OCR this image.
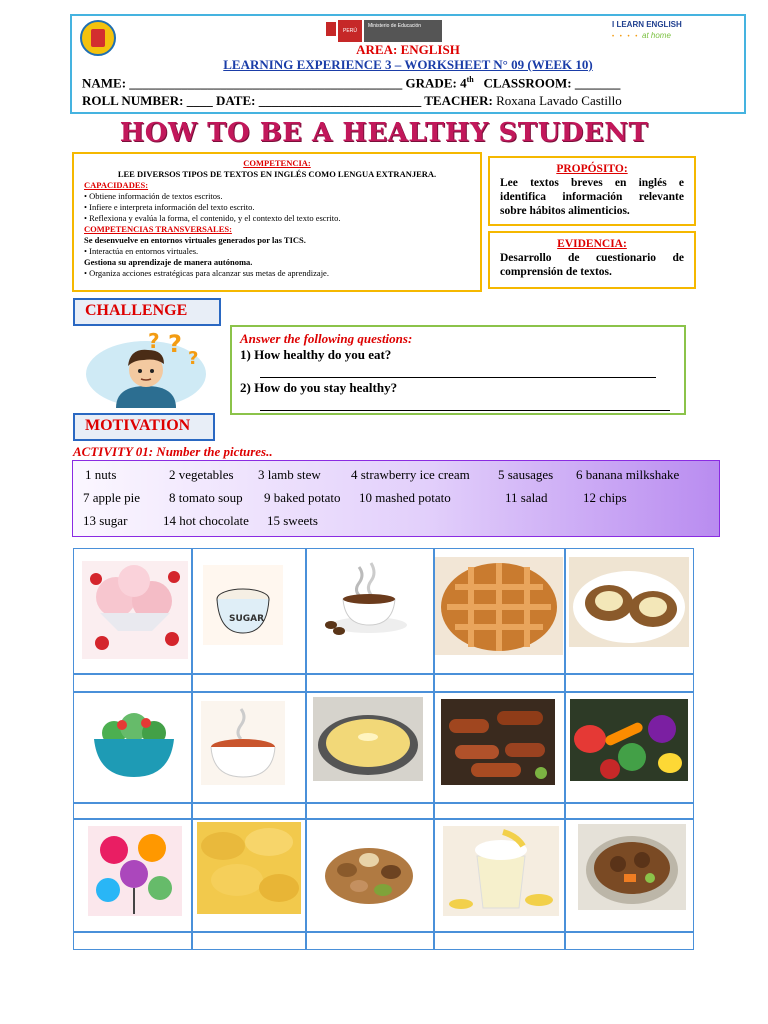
PERÚ
Ministerio de Educación	I LEARN ENGLISH
• • • • at home
AREA: ENGLISH
LEARNING EXPERIENCE 3 – WORKSHEET N° 09 (WEEK 10)
NAME: __________________________________________ GRADE: 4th CLASSROOM: _______
ROLL NUMBER: ____ DATE: _________________________ TEACHER: Roxana Lavado Castillo
HOW TO BE A HEALTHY STUDENT
COMPETENCIA:
LEE DIVERSOS TIPOS DE TEXTOS EN INGLÉS COMO LENGUA EXTRANJERA.
CAPACIDADES:
• Obtiene información de textos escritos.
• Infiere e interpreta información del texto escrito.
• Reflexiona y evalúa la forma, el contenido, y el contexto del texto escrito.
COMPETENCIAS TRANSVERSALES:
Se desenvuelve en entornos virtuales generados por las TICS.
• Interactúa en entornos virtuales.
Gestiona su aprendizaje de manera autónoma.
• Organiza acciones estratégicas para alcanzar sus metas de aprendizaje.
PROPÓSITO:
Lee textos breves en inglés e identifica información relevante sobre hábitos alimenticios.
EVIDENCIA:
Desarrollo de cuestionario de comprensión de textos.
CHALLENGE
? ?
?
Answer the following questions:
1) How healthy do you eat?
2) How do you stay healthy?
MOTIVATION
ACTIVITY 01: Number the pictures..
1 nuts	2 vegetables 3 lamb stew 4 strawberry ice cream 5 sausages 6 banana milkshake
7 apple pie 8 tomato soup 9 baked potato 10 mashed potato	11 salad	12 chips
13 sugar	14 hot chocolate 15 sweets
SUGAR
